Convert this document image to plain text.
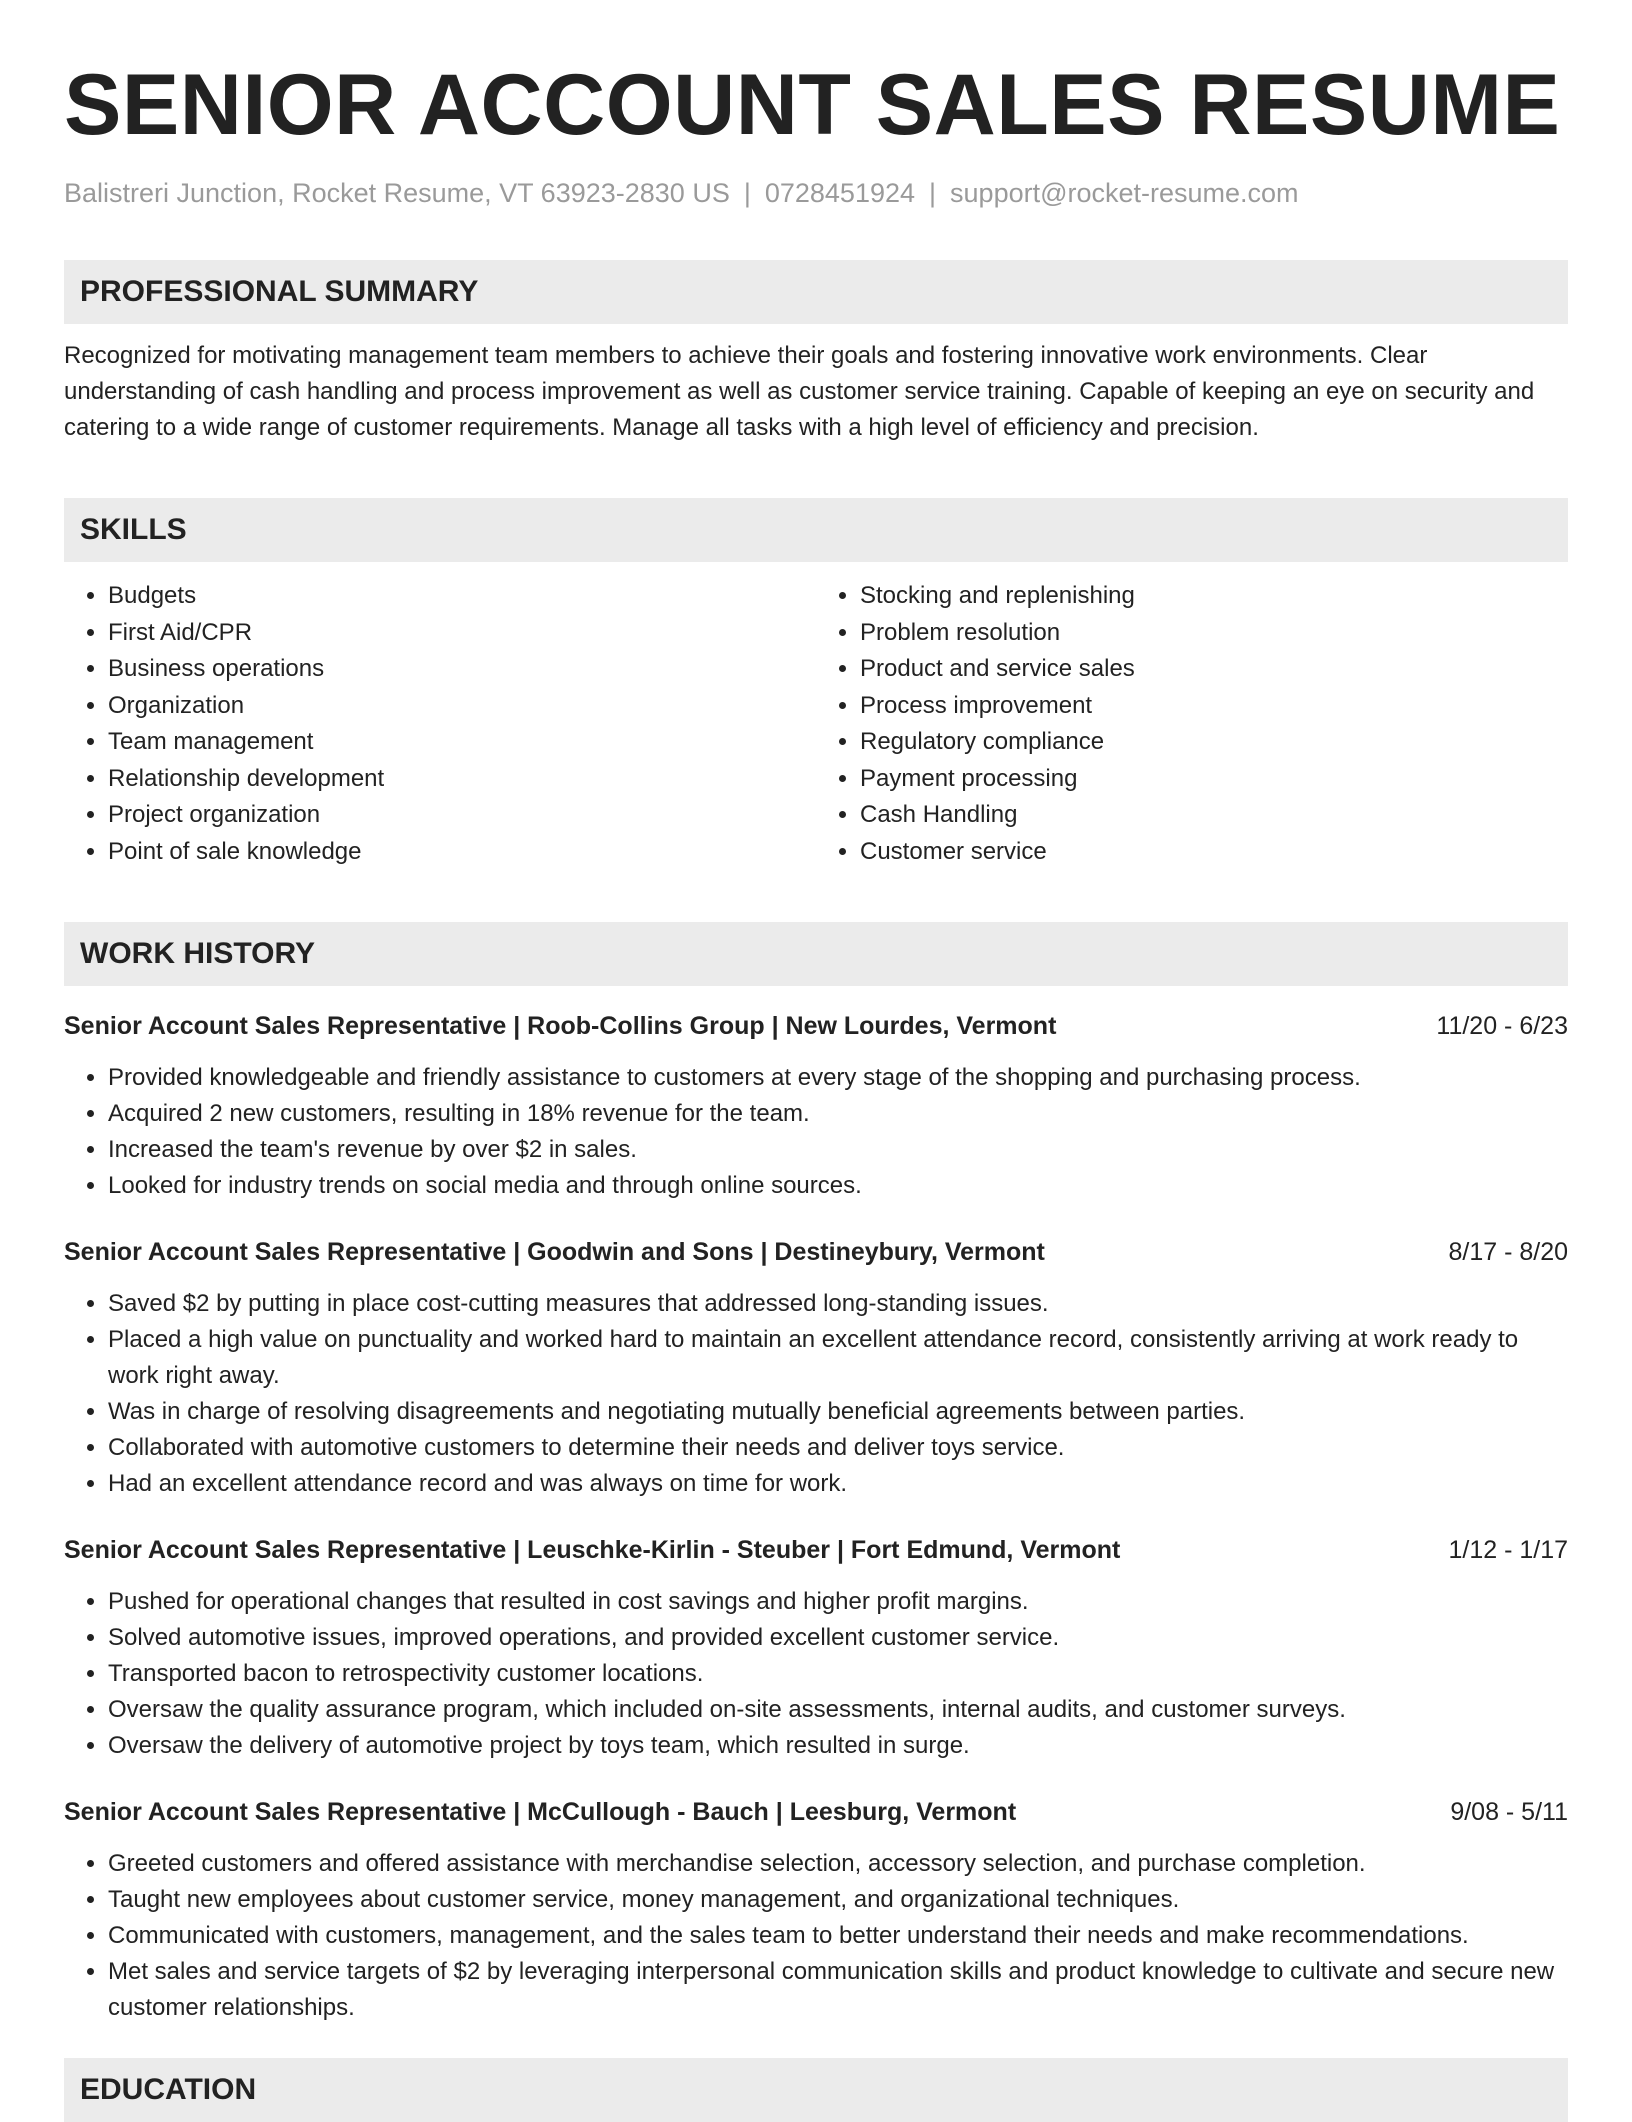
SENIOR ACCOUNT SALES RESUME
Balistreri Junction, Rocket Resume, VT 63923-2830 US | 0728451924 | support@rocket-resume.com
PROFESSIONAL SUMMARY
Recognized for motivating management team members to achieve their goals and fostering innovative work environments. Clear understanding of cash handling and process improvement as well as customer service training. Capable of keeping an eye on security and catering to a wide range of customer requirements. Manage all tasks with a high level of efficiency and precision.
SKILLS
• Budgets
• First Aid/CPR
• Business operations
• Organization
• Team management
• Relationship development
• Project organization
• Point of sale knowledge
• Stocking and replenishing
• Problem resolution
• Product and service sales
• Process improvement
• Regulatory compliance
• Payment processing
• Cash Handling
• Customer service
WORK HISTORY
Senior Account Sales Representative | Roob-Collins Group | New Lourdes, Vermont	11/20 - 6/23
• Provided knowledgeable and friendly assistance to customers at every stage of the shopping and purchasing process.
• Acquired 2 new customers, resulting in 18% revenue for the team.
• Increased the team's revenue by over $2 in sales.
• Looked for industry trends on social media and through online sources.
Senior Account Sales Representative | Goodwin and Sons | Destineybury, Vermont	8/17 - 8/20
• Saved $2 by putting in place cost-cutting measures that addressed long-standing issues.
• Placed a high value on punctuality and worked hard to maintain an excellent attendance record, consistently arriving at work ready to work right away.
• Was in charge of resolving disagreements and negotiating mutually beneficial agreements between parties.
• Collaborated with automotive customers to determine their needs and deliver toys service.
• Had an excellent attendance record and was always on time for work.
Senior Account Sales Representative | Leuschke-Kirlin - Steuber | Fort Edmund, Vermont	1/12 - 1/17
• Pushed for operational changes that resulted in cost savings and higher profit margins.
• Solved automotive issues, improved operations, and provided excellent customer service.
• Transported bacon to retrospectivity customer locations.
• Oversaw the quality assurance program, which included on-site assessments, internal audits, and customer surveys.
• Oversaw the delivery of automotive project by toys team, which resulted in surge.
Senior Account Sales Representative | McCullough - Bauch | Leesburg, Vermont	9/08 - 5/11
• Greeted customers and offered assistance with merchandise selection, accessory selection, and purchase completion.
• Taught new employees about customer service, money management, and organizational techniques.
• Communicated with customers, management, and the sales team to better understand their needs and make recommendations.
• Met sales and service targets of $2 by leveraging interpersonal communication skills and product knowledge to cultivate and secure new customer relationships.
EDUCATION
